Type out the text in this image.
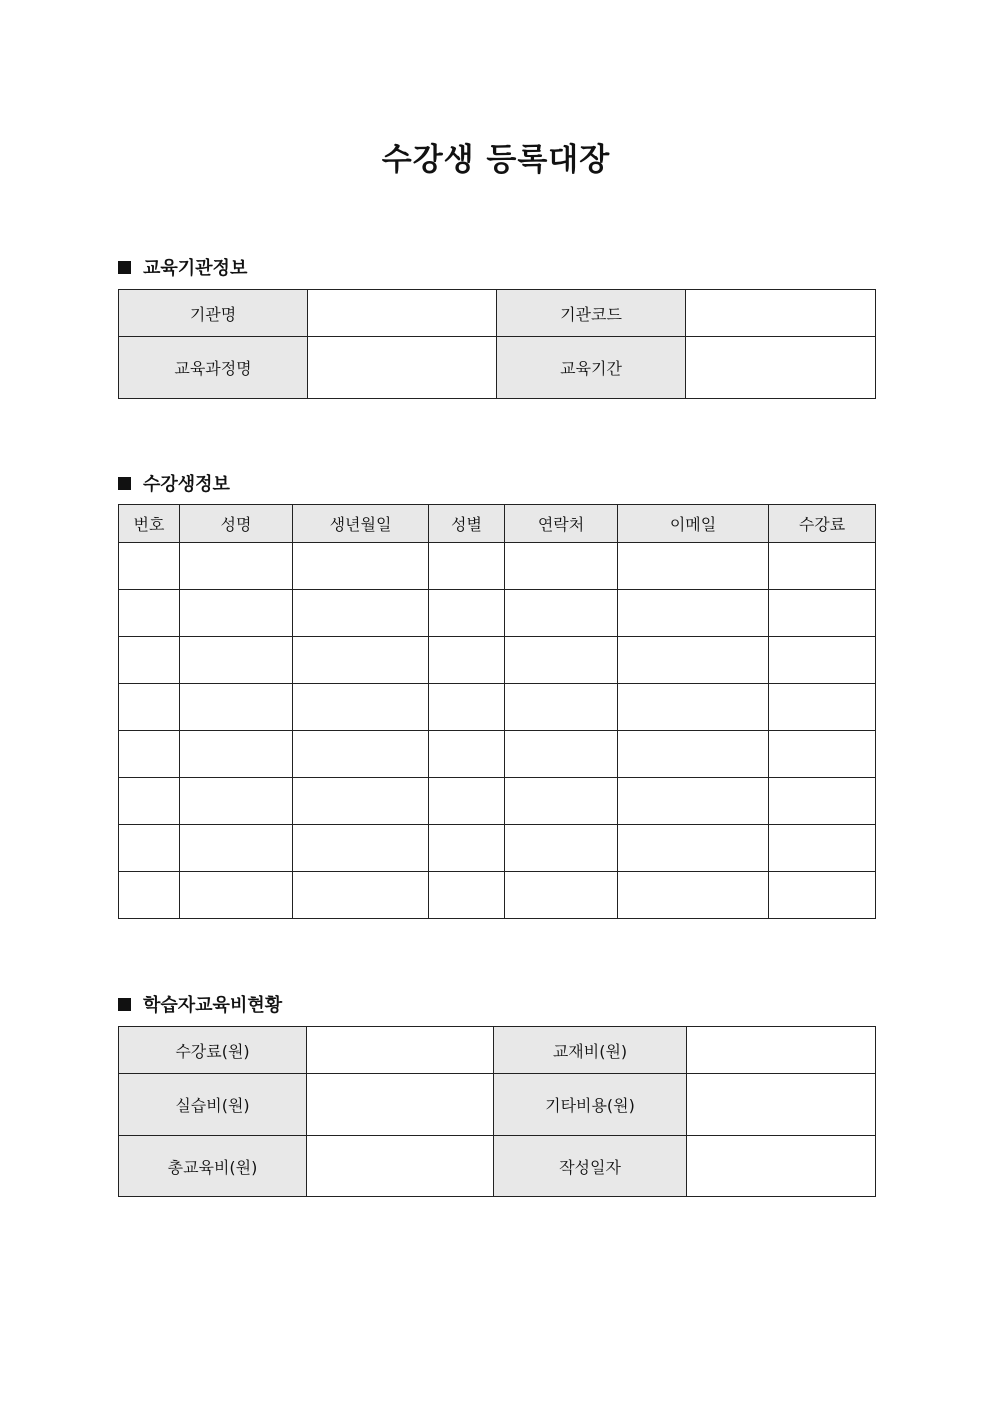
수강생 등록대장
교육기관정보
기관명		기관코드	
교육과정명		교육기간	
수강생정보
번호	성명	생년월일	성별	연락처	이메일	수강료

학습자교육비현황
수강료(원)		교재비(원)	
실습비(원)		기타비용(원)	
총교육비(원)		작성일자	
